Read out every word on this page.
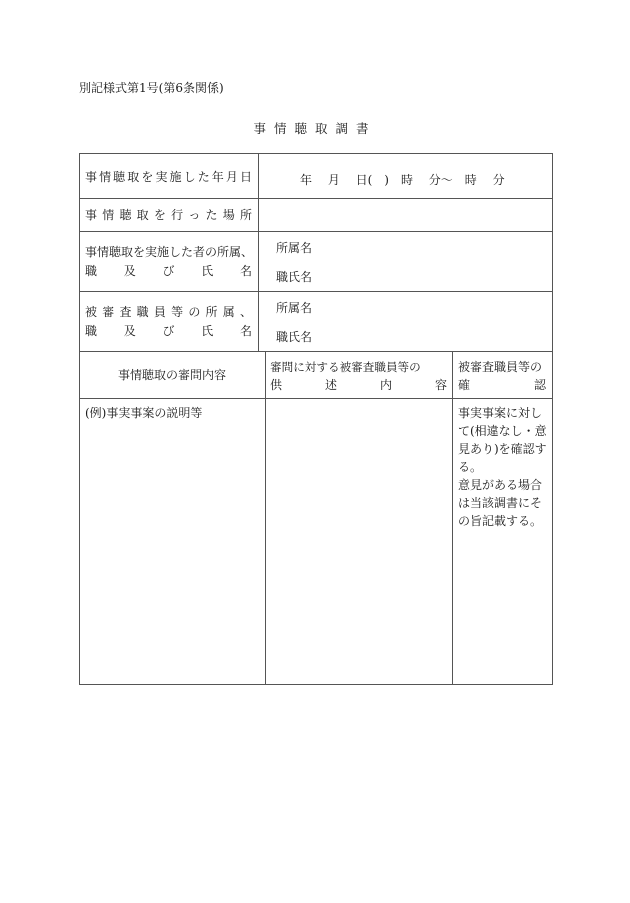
別記様式第1号(第6条関係)
事情聴取調書
事情聴取を実施した年月日	年　 月　 日(　)　時　 分～　時　 分
事情聴取を行った場所
事情聴取を実施した者の所属、
職及び氏名
所属名
職氏名
被審査職員等の所属、
職及び氏名
所属名
職氏名
事情聴取の審問内容
審問に対する被審査職員等の
供述内容
被審査職員等の
確認
(例)事実事案の説明等	事実事案に対し
て(相違なし・意
見あり)を確認す
る。
意見がある場合
は当該調書にそ
の旨記載する。
